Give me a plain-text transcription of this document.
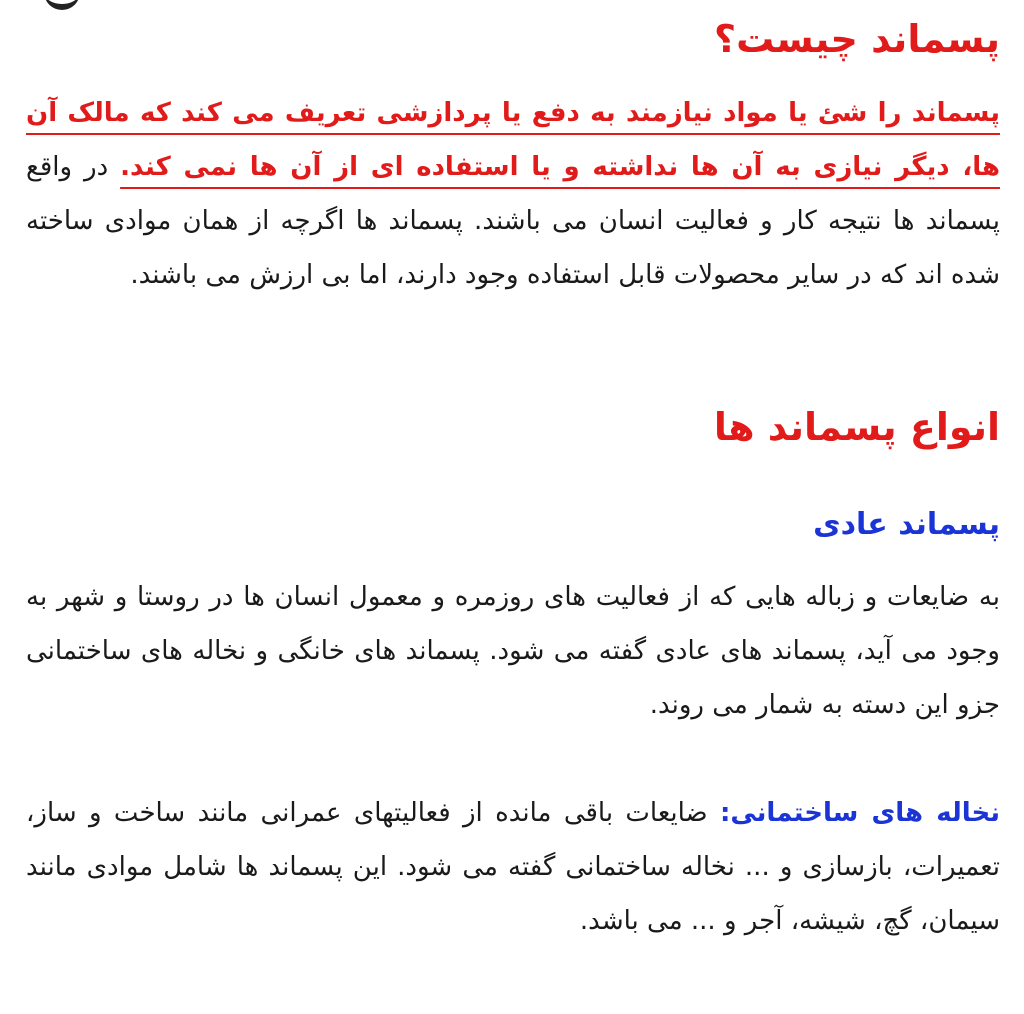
پسماند چیست؟

پسماند را شئ یا مواد نیازمند به دفع یا پردازشی تعریف می کند که مالک آن ها، دیگر نیازی به آن ها نداشته و یا استفاده ای از آن ها نمی کند. در واقع پسماند ها نتیجه کار و فعالیت انسان می باشند. پسماند ها اگرچه از همان موادی ساخته شده اند که در سایر محصولات قابل استفاده وجود دارند، اما بی ارزش می باشند.

انواع پسماند ها
پسماند عادی

به ضایعات و زباله هایی که از فعالیت های روزمره و معمول انسان ها در روستا و شهر به وجود می آید، پسماند های عادی گفته می شود. پسماند های خانگی و نخاله های ساختمانی جزو این دسته به شمار می روند.

نخاله های ساختمانی: ضایعات باقی مانده از فعالیتهای عمرانی مانند ساخت و ساز، تعمیرات، بازسازی و ... نخاله ساختمانی گفته می شود. این پسماند ها شامل موادی مانند سیمان، گچ، شیشه، آجر و ... می باشد.
